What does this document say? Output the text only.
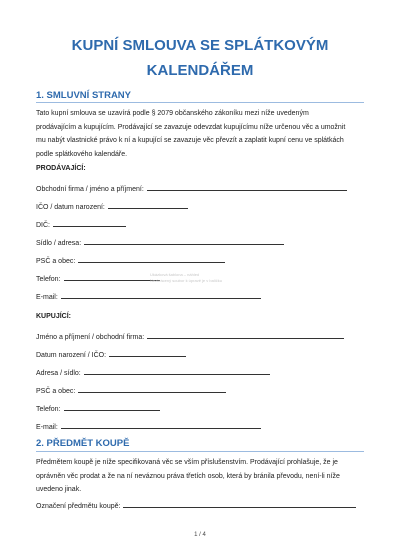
KUPNÍ SMLOUVA SE SPLÁTKOVÝM
KALENDÁŘEM
1. SMLUVNÍ STRANY
Tato kupní smlouva se uzavírá podle § 2079 občanského zákoníku mezi níže uvedeným
prodávajícím a kupujícím. Prodávající se zavazuje odevzdat kupujícímu níže určenou věc a umožnit
mu nabýt vlastnické právo k ní a kupující se zavazuje věc převzít a zaplatit kupní cenu ve splátkách
podle splátkového kalendáře.
PRODÁVAJÍCÍ:
Obchodní firma / jméno a příjmení:
IČO / datum narození:
DIČ:
Sídlo / adresa:
PSČ a obec:
Telefon:
E-mail:
Ukázková šablona – náhled
Nezkrácený soubor k úpravě je v balíčku
KUPUJÍCÍ:
Jméno a příjmení / obchodní firma:
Datum narození / IČO:
Adresa / sídlo:
PSČ a obec:
Telefon:
E-mail:
2. PŘEDMĚT KOUPĚ
Předmětem koupě je níže specifikovaná věc se vším příslušenstvím. Prodávající prohlašuje, že je
oprávněn věc prodat a že na ní neváznou práva třetích osob, která by bránila převodu, není-li níže
uvedeno jinak.
Označení předmětu koupě:
1 / 4
